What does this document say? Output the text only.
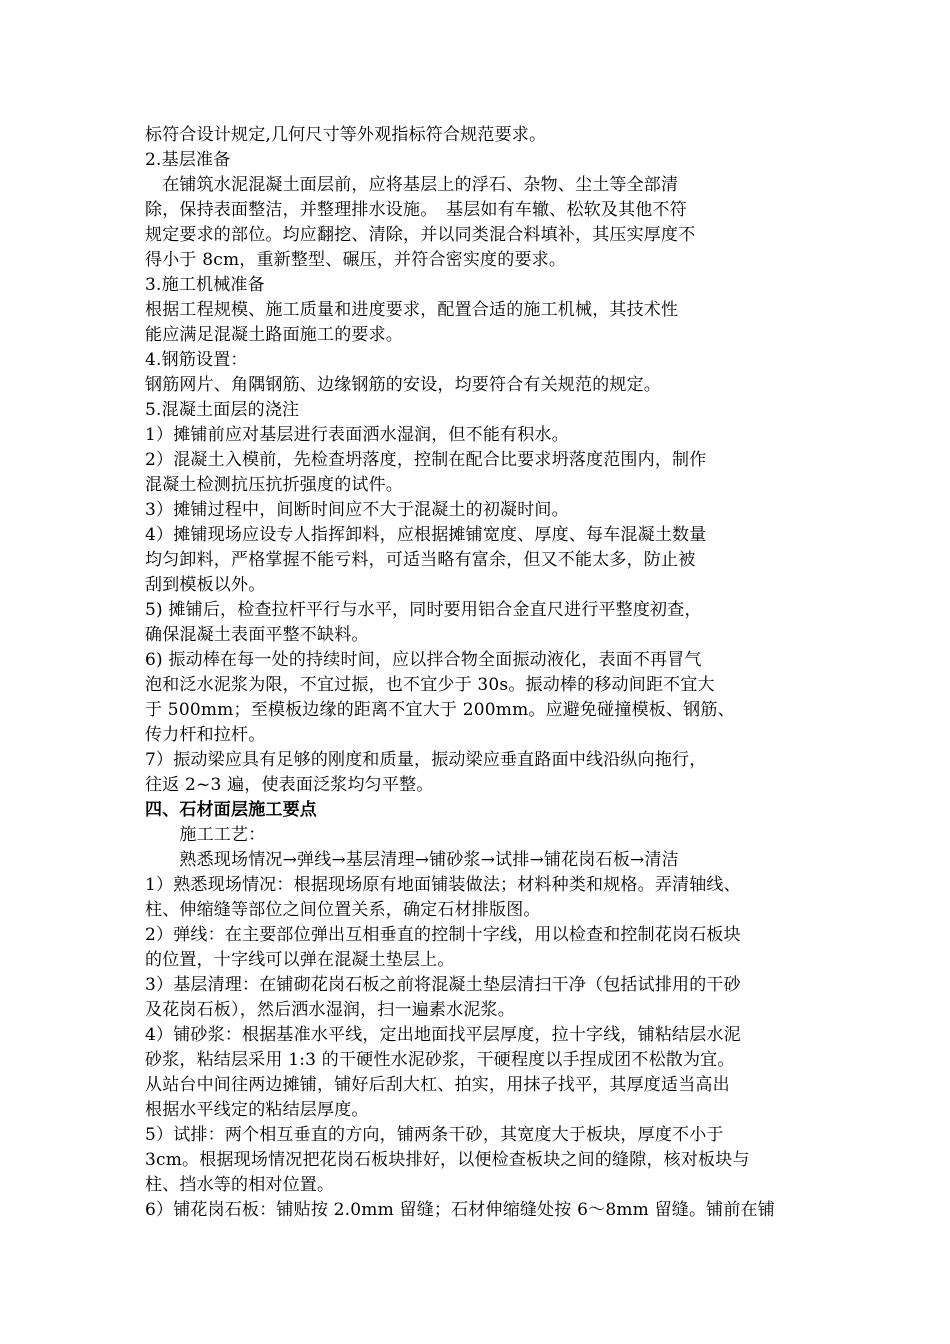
标符合设计规定,几何尺寸等外观指标符合规范要求。
2.基层准备
　在铺筑水泥混凝土面层前，应将基层上的浮石、杂物、尘土等全部清
除，保持表面整洁，并整理排水设施。　基层如有车辙、松软及其他不符
规定要求的部位。均应翻挖、清除，并以同类混合料填补，其压实厚度不
得小于 8cm，重新整型、碾压，并符合密实度的要求。
3.施工机械准备
根据工程规模、施工质量和进度要求，配置合适的施工机械，其技术性
能应满足混凝土路面施工的要求。
4.钢筋设置：
钢筋网片、角隅钢筋、边缘钢筋的安设，均要符合有关规范的规定。
5.混凝土面层的浇注
1）摊铺前应对基层进行表面洒水湿润，但不能有积水。
2）混凝土入模前，先检查坍落度，控制在配合比要求坍落度范围内，制作
混凝土检测抗压抗折强度的试件。
3）摊铺过程中，间断时间应不大于混凝土的初凝时间。
4）摊铺现场应设专人指挥卸料，应根据摊铺宽度、厚度、每车混凝土数量
均匀卸料，严格掌握不能亏料，可适当略有富余，但又不能太多，防止被
刮到模板以外。
5) 摊铺后，检查拉杆平行与水平，同时要用铝合金直尺进行平整度初查，
确保混凝土表面平整不缺料。
6) 振动棒在每一处的持续时间，应以拌合物全面振动液化，表面不再冒气
泡和泛水泥浆为限，不宜过振，也不宜少于 30s。振动棒的移动间距不宜大
于 500mm；至模板边缘的距离不宜大于 200mm。应避免碰撞模板、钢筋、
传力杆和拉杆。
7）振动梁应具有足够的刚度和质量，振动梁应垂直路面中线沿纵向拖行，
往返 2~3 遍，使表面泛浆均匀平整。
四、石材面层施工要点
　　施工工艺：
　　熟悉现场情况→弹线→基层清理→铺砂浆→试排→铺花岗石板→清洁
1）熟悉现场情况：根据现场原有地面铺装做法；材料种类和规格。弄清轴线、
柱、伸缩缝等部位之间位置关系，确定石材排版图。
2）弹线：在主要部位弹出互相垂直的控制十字线，用以检查和控制花岗石板块
的位置，十字线可以弹在混凝土垫层上。
3）基层清理：在铺砌花岗石板之前将混凝土垫层清扫干净（包括试排用的干砂
及花岗石板），然后洒水湿润，扫一遍素水泥浆。
4）铺砂浆：根据基准水平线，定出地面找平层厚度，拉十字线，铺粘结层水泥
砂浆，粘结层采用 1:3 的干硬性水泥砂浆，干硬程度以手捏成团不松散为宜。
从站台中间往两边摊铺，铺好后刮大杠、拍实，用抹子找平，其厚度适当高出
根据水平线定的粘结层厚度。
5）试排：两个相互垂直的方向，铺两条干砂，其宽度大于板块，厚度不小于
3cm。根据现场情况把花岗石板块排好，以便检查板块之间的缝隙，核对板块与
柱、挡水等的相对位置。
6）铺花岗石板：铺贴按 2.0mm 留缝；石材伸缩缝处按 6～8mm 留缝。铺前在铺
